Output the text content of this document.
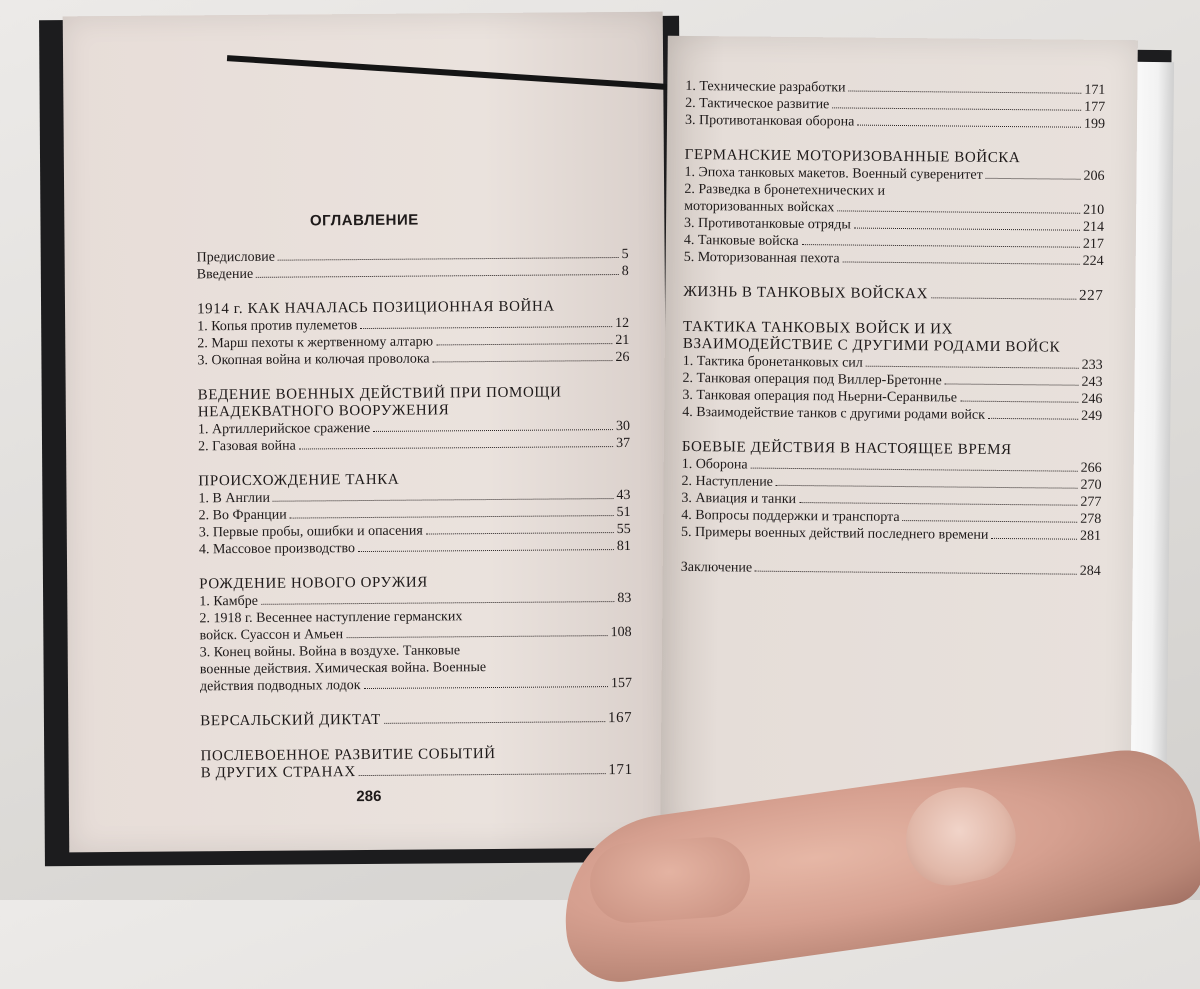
ОГЛАВЛЕНИЕ
Предисловие	5
Введение	8
1914 г. КАК НАЧАЛАСЬ ПОЗИЦИОННАЯ ВОЙНА
1. Копья против пулеметов	12
2. Марш пехоты к жертвенному алтарю	21
3. Окопная война и колючая проволока	26
ВЕДЕНИЕ ВОЕННЫХ ДЕЙСТВИЙ ПРИ ПОМОЩИ НЕАДЕКВАТНОГО ВООРУЖЕНИЯ
1. Артиллерийское сражение	30
2. Газовая война	37
ПРОИСХОЖДЕНИЕ ТАНКА
1. В Англии	43
2. Во Франции	51
3. Первые пробы, ошибки и опасения	55
4. Массовое производство	81
РОЖДЕНИЕ НОВОГО ОРУЖИЯ
1. Камбре	83
2. 1918 г. Весеннее наступление германских
войск. Суассон и Амьен	108
3. Конец войны. Война в воздухе. Танковые
военные действия. Химическая война. Военные
действия подводных лодок	157
ВЕРСАЛЬСКИЙ ДИКТАТ	167
ПОСЛЕВОЕННОЕ РАЗВИТИЕ СОБЫТИЙ
В ДРУГИХ СТРАНАХ	171
286
1. Технические разработки	171
2. Тактическое развитие	177
3. Противотанковая оборона	199
ГЕРМАНСКИЕ МОТОРИЗОВАННЫЕ ВОЙСКА
1. Эпоха танковых макетов. Военный суверенитет	206
2. Разведка в бронетехнических и
моторизованных войсках	210
3. Противотанковые отряды	214
4. Танковые войска	217
5. Моторизованная пехота	224
ЖИЗНЬ В ТАНКОВЫХ ВОЙСКАХ	227
ТАКТИКА ТАНКОВЫХ ВОЙСК И ИХ ВЗАИМОДЕЙСТВИЕ С ДРУГИМИ РОДАМИ ВОЙСК
1. Тактика бронетанковых сил	233
2. Танковая операция под Виллер-Бретонне	243
3. Танковая операция под Ньерни-Серанвилье	246
4. Взаимодействие танков с другими родами войск	249
БОЕВЫЕ ДЕЙСТВИЯ В НАСТОЯЩЕЕ ВРЕМЯ
1. Оборона	266
2. Наступление	270
3. Авиация и танки	277
4. Вопросы поддержки и транспорта	278
5. Примеры военных действий последнего времени	281
Заключение	284
